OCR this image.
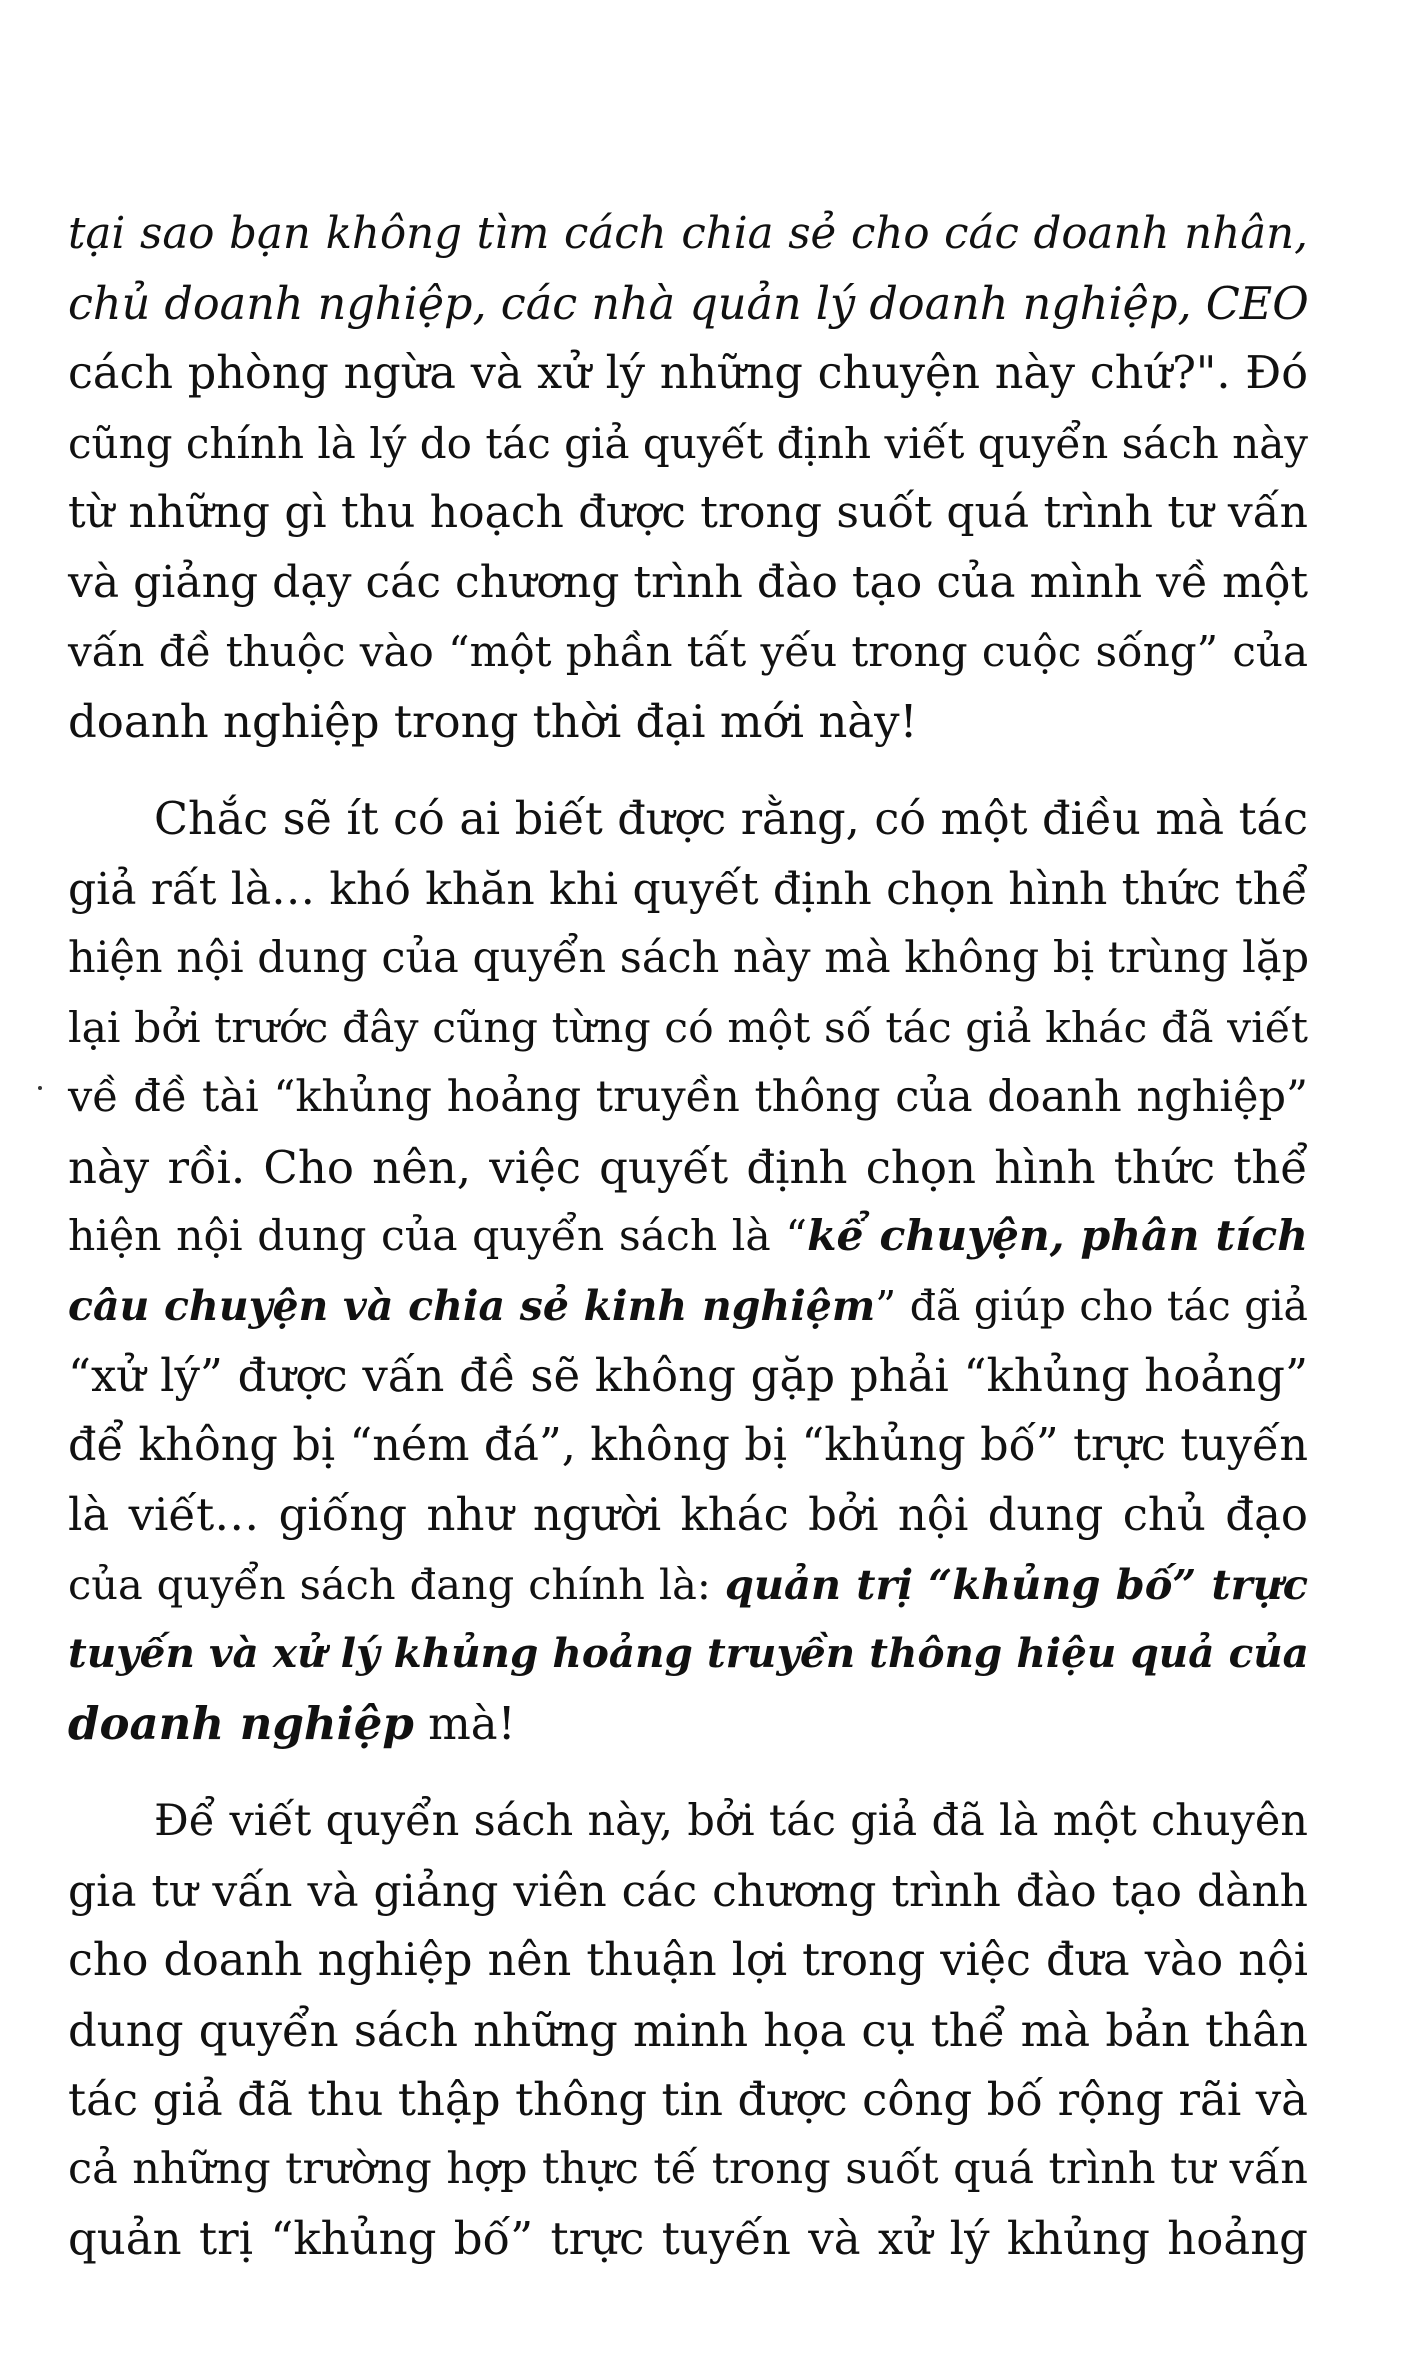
tại sao bạn không tìm cách chia sẻ cho các doanh nhân,
chủ doanh nghiệp, các nhà quản lý doanh nghiệp, CEO
cách phòng ngừa và xử lý những chuyện này chứ?". Đó
cũng chính là lý do tác giả quyết định viết quyển sách này
từ những gì thu hoạch được trong suốt quá trình tư vấn
và giảng dạy các chương trình đào tạo của mình về một
vấn đề thuộc vào “một phần tất yếu trong cuộc sống” của
doanh nghiệp trong thời đại mới này!
Chắc sẽ ít có ai biết được rằng, có một điều mà tác
giả rất là… khó khăn khi quyết định chọn hình thức thể
hiện nội dung của quyển sách này mà không bị trùng lặp
lại bởi trước đây cũng từng có một số tác giả khác đã viết
về đề tài “khủng hoảng truyền thông của doanh nghiệp”
này rồi. Cho nên, việc quyết định chọn hình thức thể
hiện nội dung của quyển sách là “kể chuyện, phân tích
câu chuyện và chia sẻ kinh nghiệm” đã giúp cho tác giả
“xử lý” được vấn đề sẽ không gặp phải “khủng hoảng”
để không bị “ném đá”, không bị “khủng bố” trực tuyến
là viết… giống như người khác bởi nội dung chủ đạo
của quyển sách đang chính là: quản trị “khủng bố” trực
tuyến và xử lý khủng hoảng truyền thông hiệu quả của
doanh nghiệp mà!
Để viết quyển sách này, bởi tác giả đã là một chuyên
gia tư vấn và giảng viên các chương trình đào tạo dành
cho doanh nghiệp nên thuận lợi trong việc đưa vào nội
dung quyển sách những minh họa cụ thể mà bản thân
tác giả đã thu thập thông tin được công bố rộng rãi và
cả những trường hợp thực tế trong suốt quá trình tư vấn
quản trị “khủng bố” trực tuyến và xử lý khủng hoảng
